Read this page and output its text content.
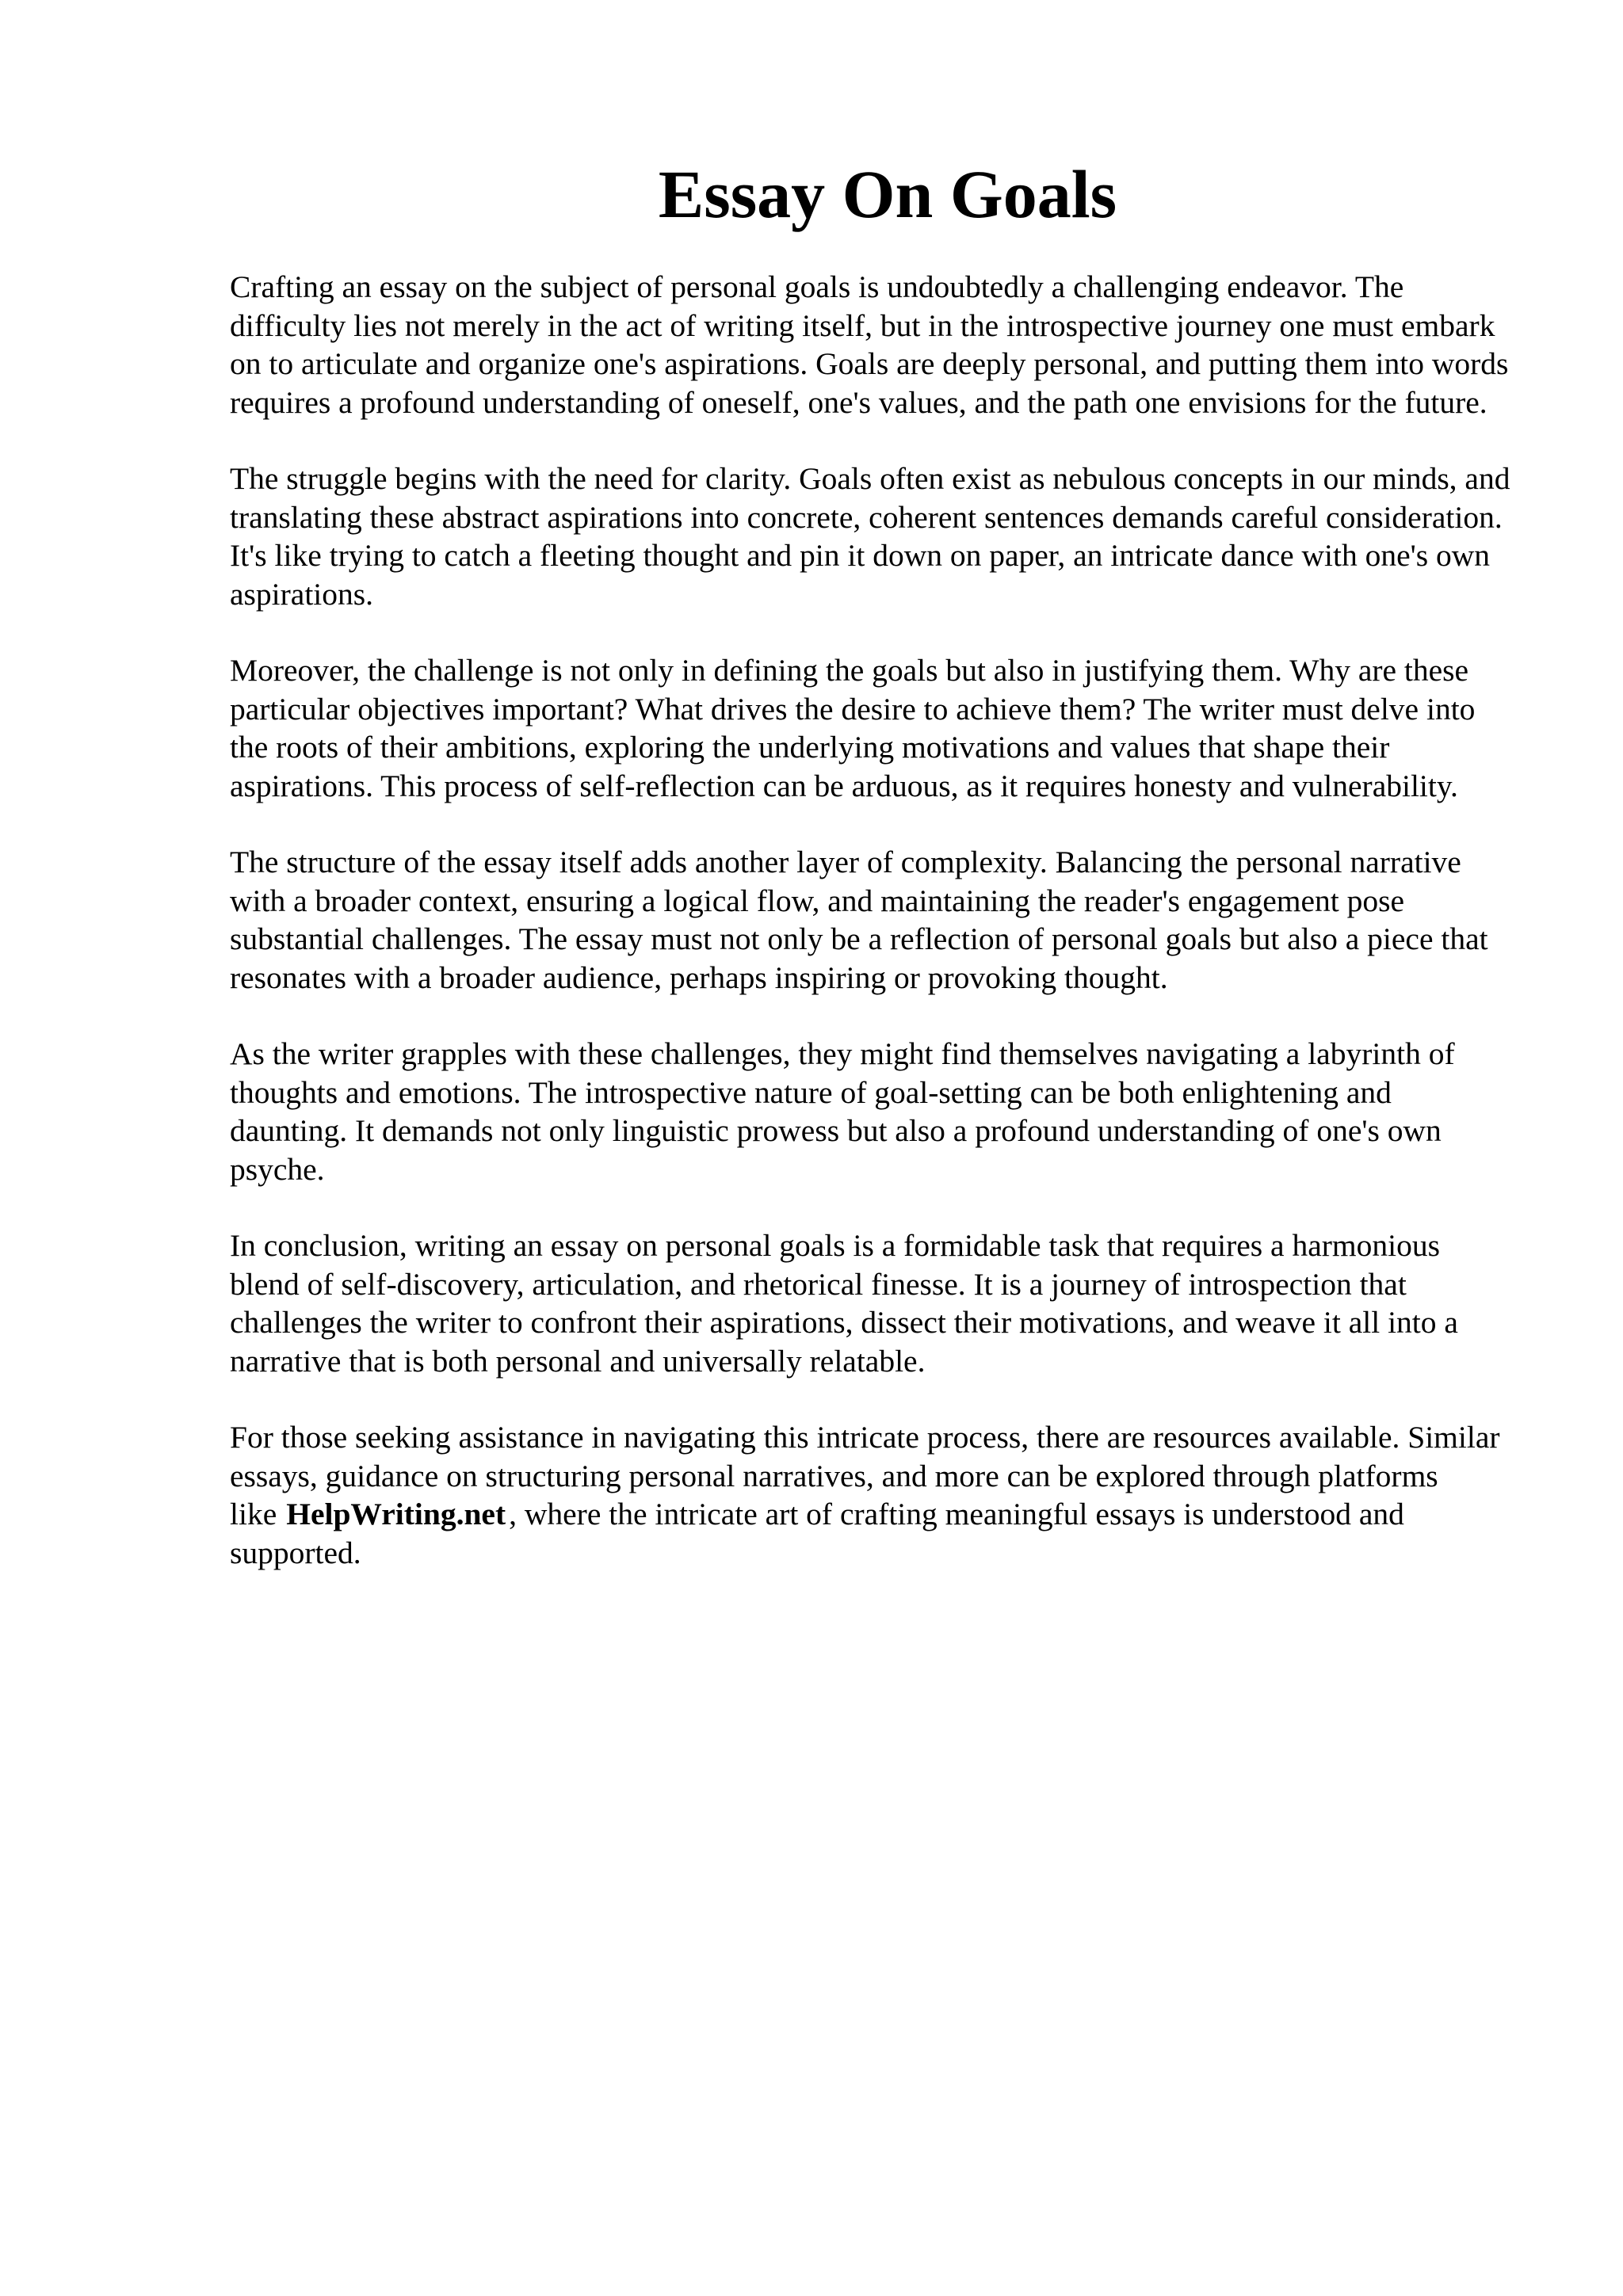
Essay On Goals

Crafting an essay on the subject of personal goals is undoubtedly a challenging endeavor. The difficulty lies not merely in the act of writing itself, but in the introspective journey one must embark on to articulate and organize one's aspirations. Goals are deeply personal, and putting them into words requires a profound understanding of oneself, one's values, and the path one envisions for the future.

The struggle begins with the need for clarity. Goals often exist as nebulous concepts in our minds, and translating these abstract aspirations into concrete, coherent sentences demands careful consideration. It's like trying to catch a fleeting thought and pin it down on paper, an intricate dance with one's own aspirations.

Moreover, the challenge is not only in defining the goals but also in justifying them. Why are these particular objectives important? What drives the desire to achieve them? The writer must delve into the roots of their ambitions, exploring the underlying motivations and values that shape their aspirations. This process of self-reflection can be arduous, as it requires honesty and vulnerability.

The structure of the essay itself adds another layer of complexity. Balancing the personal narrative with a broader context, ensuring a logical flow, and maintaining the reader's engagement pose substantial challenges. The essay must not only be a reflection of personal goals but also a piece that resonates with a broader audience, perhaps inspiring or provoking thought.

As the writer grapples with these challenges, they might find themselves navigating a labyrinth of thoughts and emotions. The introspective nature of goal-setting can be both enlightening and daunting. It demands not only linguistic prowess but also a profound understanding of one's own psyche.

In conclusion, writing an essay on personal goals is a formidable task that requires a harmonious blend of self-discovery, articulation, and rhetorical finesse. It is a journey of introspection that challenges the writer to confront their aspirations, dissect their motivations, and weave it all into a narrative that is both personal and universally relatable.

For those seeking assistance in navigating this intricate process, there are resources available. Similar essays, guidance on structuring personal narratives, and more can be explored through platforms like HelpWriting.net , where the intricate art of crafting meaningful essays is understood and supported.
